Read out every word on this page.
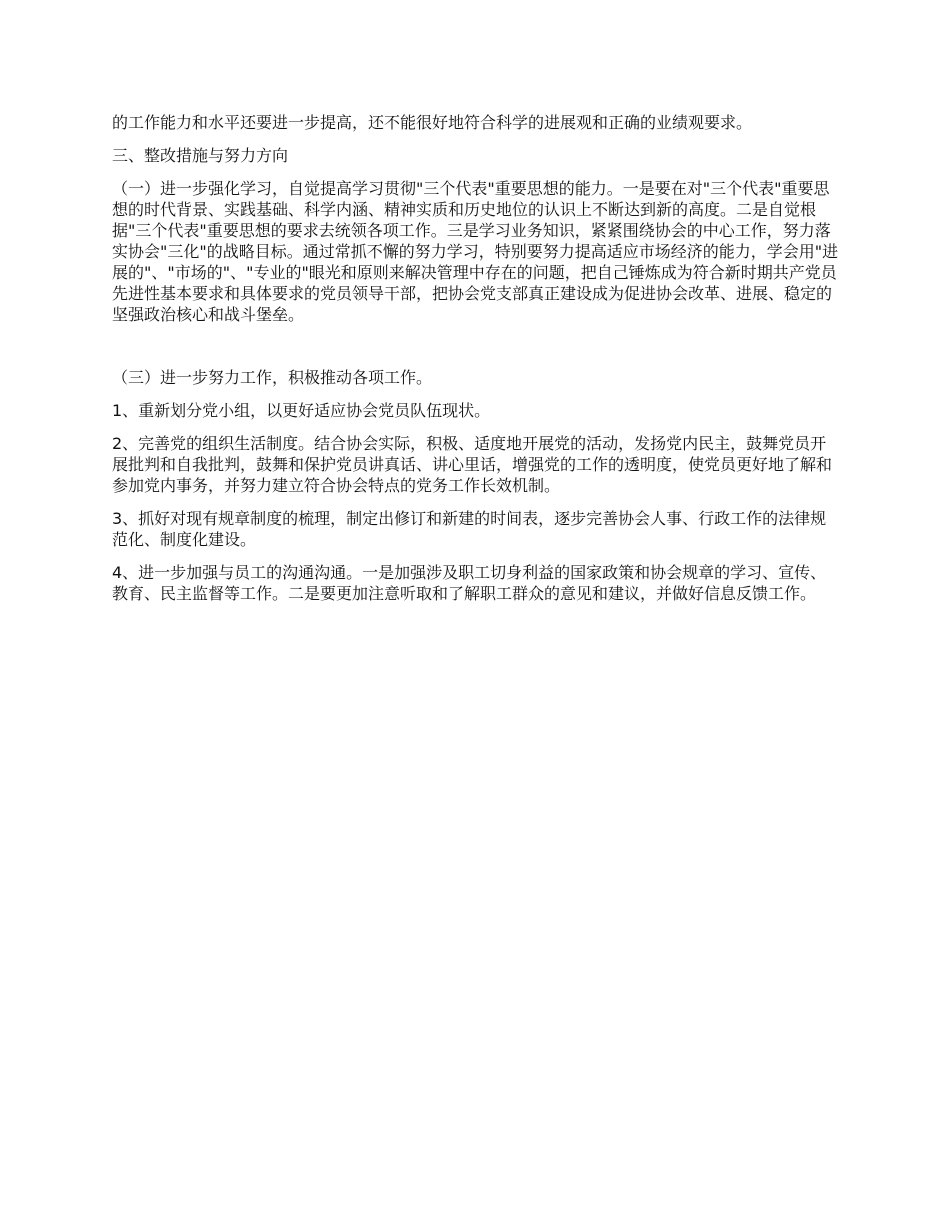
的工作能力和水平还要进一步提高，还不能很好地符合科学的进展观和正确的业绩观要求。

三、整改措施与努力方向

（一）进一步强化学习，自觉提高学习贯彻"三个代表"重要思想的能力。一是要在对"三个代表"重要思想的时代背景、实践基础、科学内涵、精神实质和历史地位的认识上不断达到新的高度。二是自觉根据"三个代表"重要思想的要求去统领各项工作。三是学习业务知识，紧紧围绕协会的中心工作，努力落实协会"三化"的战略目标。通过常抓不懈的努力学习，特别要努力提高适应市场经济的能力，学会用"进展的"、"市场的"、"专业的"眼光和原则来解决管理中存在的问题，把自己锤炼成为符合新时期共产党员先进性基本要求和具体要求的党员领导干部，把协会党支部真正建设成为促进协会改革、进展、稳定的坚强政治核心和战斗堡垒。

（三）进一步努力工作，积极推动各项工作。

1、重新划分党小组，以更好适应协会党员队伍现状。

2、完善党的组织生活制度。结合协会实际，积极、适度地开展党的活动，发扬党内民主，鼓舞党员开展批判和自我批判，鼓舞和保护党员讲真话、讲心里话，增强党的工作的透明度，使党员更好地了解和参加党内事务，并努力建立符合协会特点的党务工作长效机制。

3、抓好对现有规章制度的梳理，制定出修订和新建的时间表，逐步完善协会人事、行政工作的法律规范化、制度化建设。

4、进一步加强与员工的沟通沟通。一是加强涉及职工切身利益的国家政策和协会规章的学习、宣传、教育、民主监督等工作。二是要更加注意听取和了解职工群众的意见和建议，并做好信息反馈工作。
